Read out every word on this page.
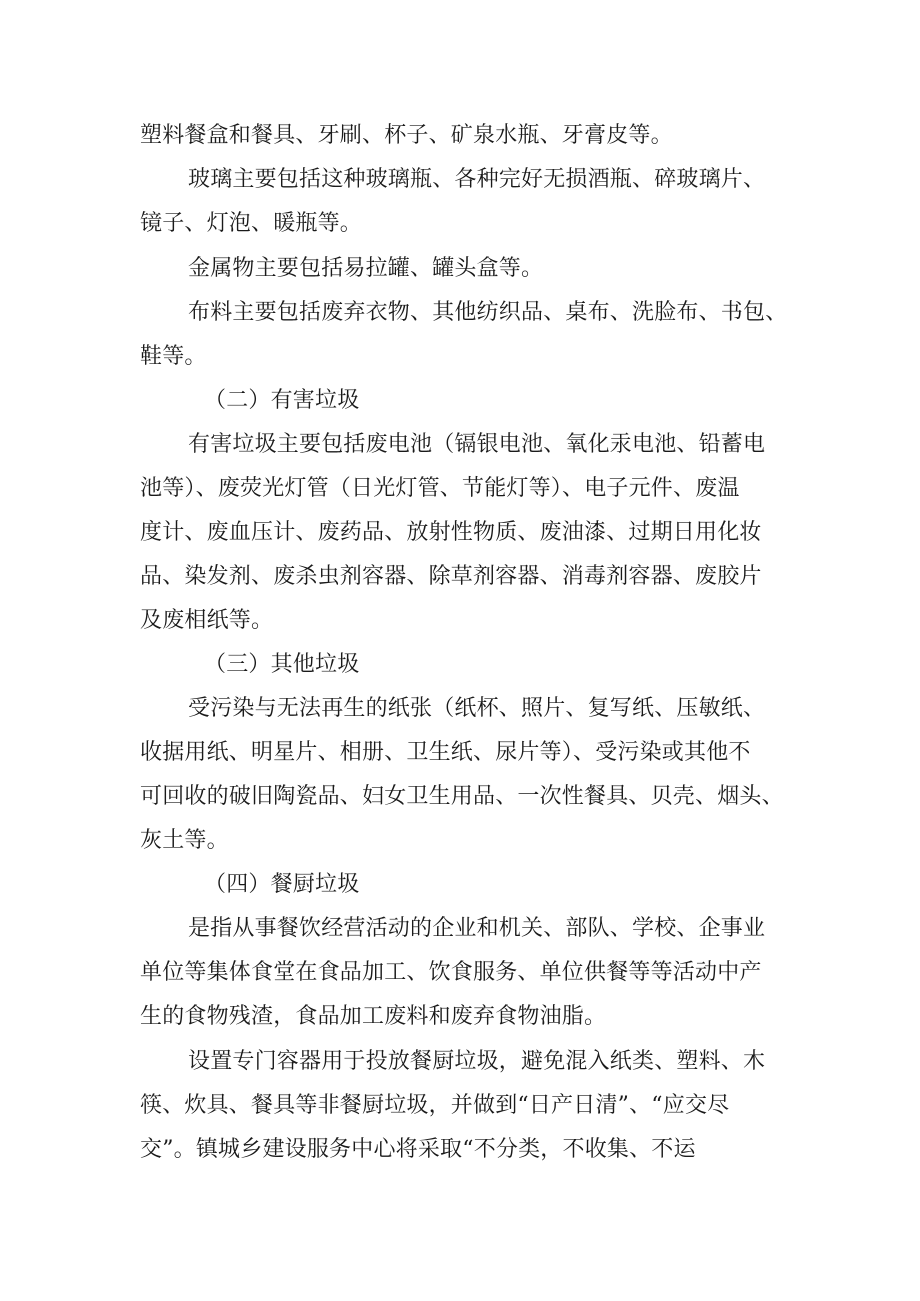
塑料餐盒和餐具、牙刷、杯子、矿泉水瓶、牙膏皮等。
玻璃主要包括这种玻璃瓶、各种完好无损酒瓶、碎玻璃片、
镜子、灯泡、暖瓶等。
金属物主要包括易拉罐、罐头盒等。
布料主要包括废弃衣物、其他纺织品、桌布、洗脸布、书包、
鞋等。
（二）有害垃圾
有害垃圾主要包括废电池（镉银电池、氧化汞电池、铅蓄电
池等）、废荧光灯管（日光灯管、节能灯等）、电子元件、废温
度计、废血压计、废药品、放射性物质、废油漆、过期日用化妆
品、染发剂、废杀虫剂容器、除草剂容器、消毒剂容器、废胶片
及废相纸等。
（三）其他垃圾
受污染与无法再生的纸张（纸杯、照片、复写纸、压敏纸、
收据用纸、明星片、相册、卫生纸、尿片等）、受污染或其他不
可回收的破旧陶瓷品、妇女卫生用品、一次性餐具、贝壳、烟头、
灰土等。
（四）餐厨垃圾
是指从事餐饮经营活动的企业和机关、部队、学校、企事业
单位等集体食堂在食品加工、饮食服务、单位供餐等等活动中产
生的食物残渣，食品加工废料和废弃食物油脂。
设置专门容器用于投放餐厨垃圾，避免混入纸类、塑料、木
筷、炊具、餐具等非餐厨垃圾，并做到“日产日清”、“应交尽
交”。镇城乡建设服务中心将采取“不分类，不收集、不运
